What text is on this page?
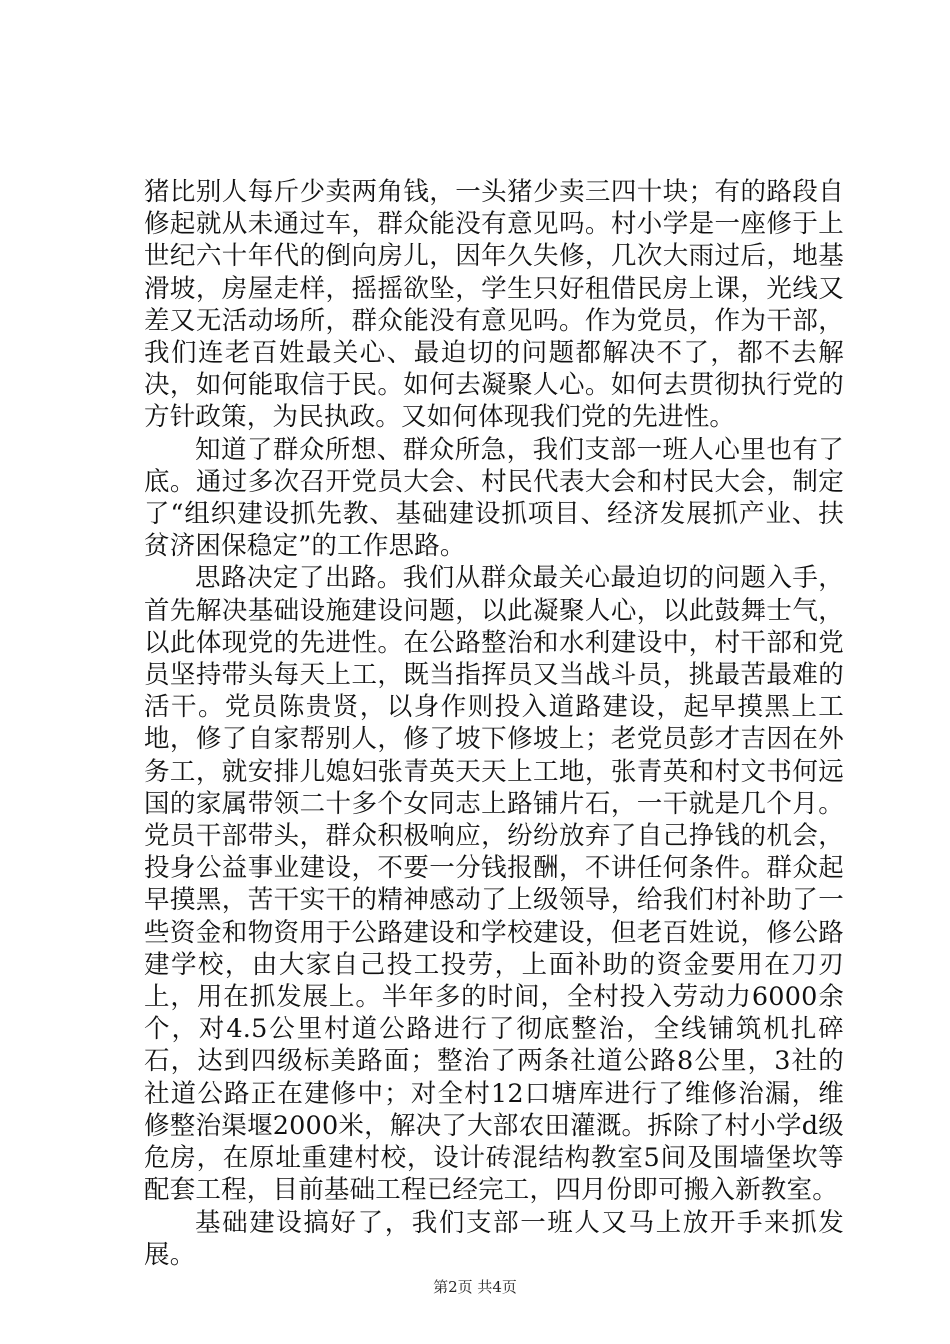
猪比别人每斤少卖两角钱，一头猪少卖三四十块；有的路段自修起就从未通过车，群众能没有意见吗。村小学是一座修于上世纪六十年代的倒向房儿，因年久失修，几次大雨过后，地基滑坡，房屋走样，摇摇欲坠，学生只好租借民房上课，光线又差又无活动场所，群众能没有意见吗。作为党员，作为干部，我们连老百姓最关心、最迫切的问题都解决不了，都不去解决，如何能取信于民。如何去凝聚人心。如何去贯彻执行党的方针政策，为民执政。又如何体现我们党的先进性。

知道了群众所想、群众所急，我们支部一班人心里也有了底。通过多次召开党员大会、村民代表大会和村民大会，制定了“组织建设抓先教、基础建设抓项目、经济发展抓产业、扶贫济困保稳定”的工作思路。

思路决定了出路。我们从群众最关心最迫切的问题入手，首先解决基础设施建设问题，以此凝聚人心，以此鼓舞士气，以此体现党的先进性。在公路整治和水利建设中，村干部和党员坚持带头每天上工，既当指挥员又当战斗员，挑最苦最难的活干。党员陈贵贤，以身作则投入道路建设，起早摸黑上工地，修了自家帮别人，修了坡下修坡上；老党员彭才吉因在外务工，就安排儿媳妇张青英天天上工地，张青英和村文书何远国的家属带领二十多个女同志上路铺片石，一干就是几个月。党员干部带头，群众积极响应，纷纷放弃了自己挣钱的机会，投身公益事业建设，不要一分钱报酬，不讲任何条件。群众起早摸黑，苦干实干的精神感动了上级领导，给我们村补助了一些资金和物资用于公路建设和学校建设，但老百姓说，修公路建学校，由大家自己投工投劳，上面补助的资金要用在刀刃上，用在抓发展上。半年多的时间，全村投入劳动力6000余个，对4.5公里村道公路进行了彻底整治，全线铺筑机扎碎石，达到四级标美路面；整治了两条社道公路8公里，3社的社道公路正在建修中；对全村12口塘库进行了维修治漏，维修整治渠堰2000米，解决了大部农田灌溉。拆除了村小学d级危房，在原址重建村校，设计砖混结构教室5间及围墙堡坎等配套工程，目前基础工程已经完工，四月份即可搬入新教室。

基础建设搞好了，我们支部一班人又马上放开手来抓发展。

第2页 共4页
